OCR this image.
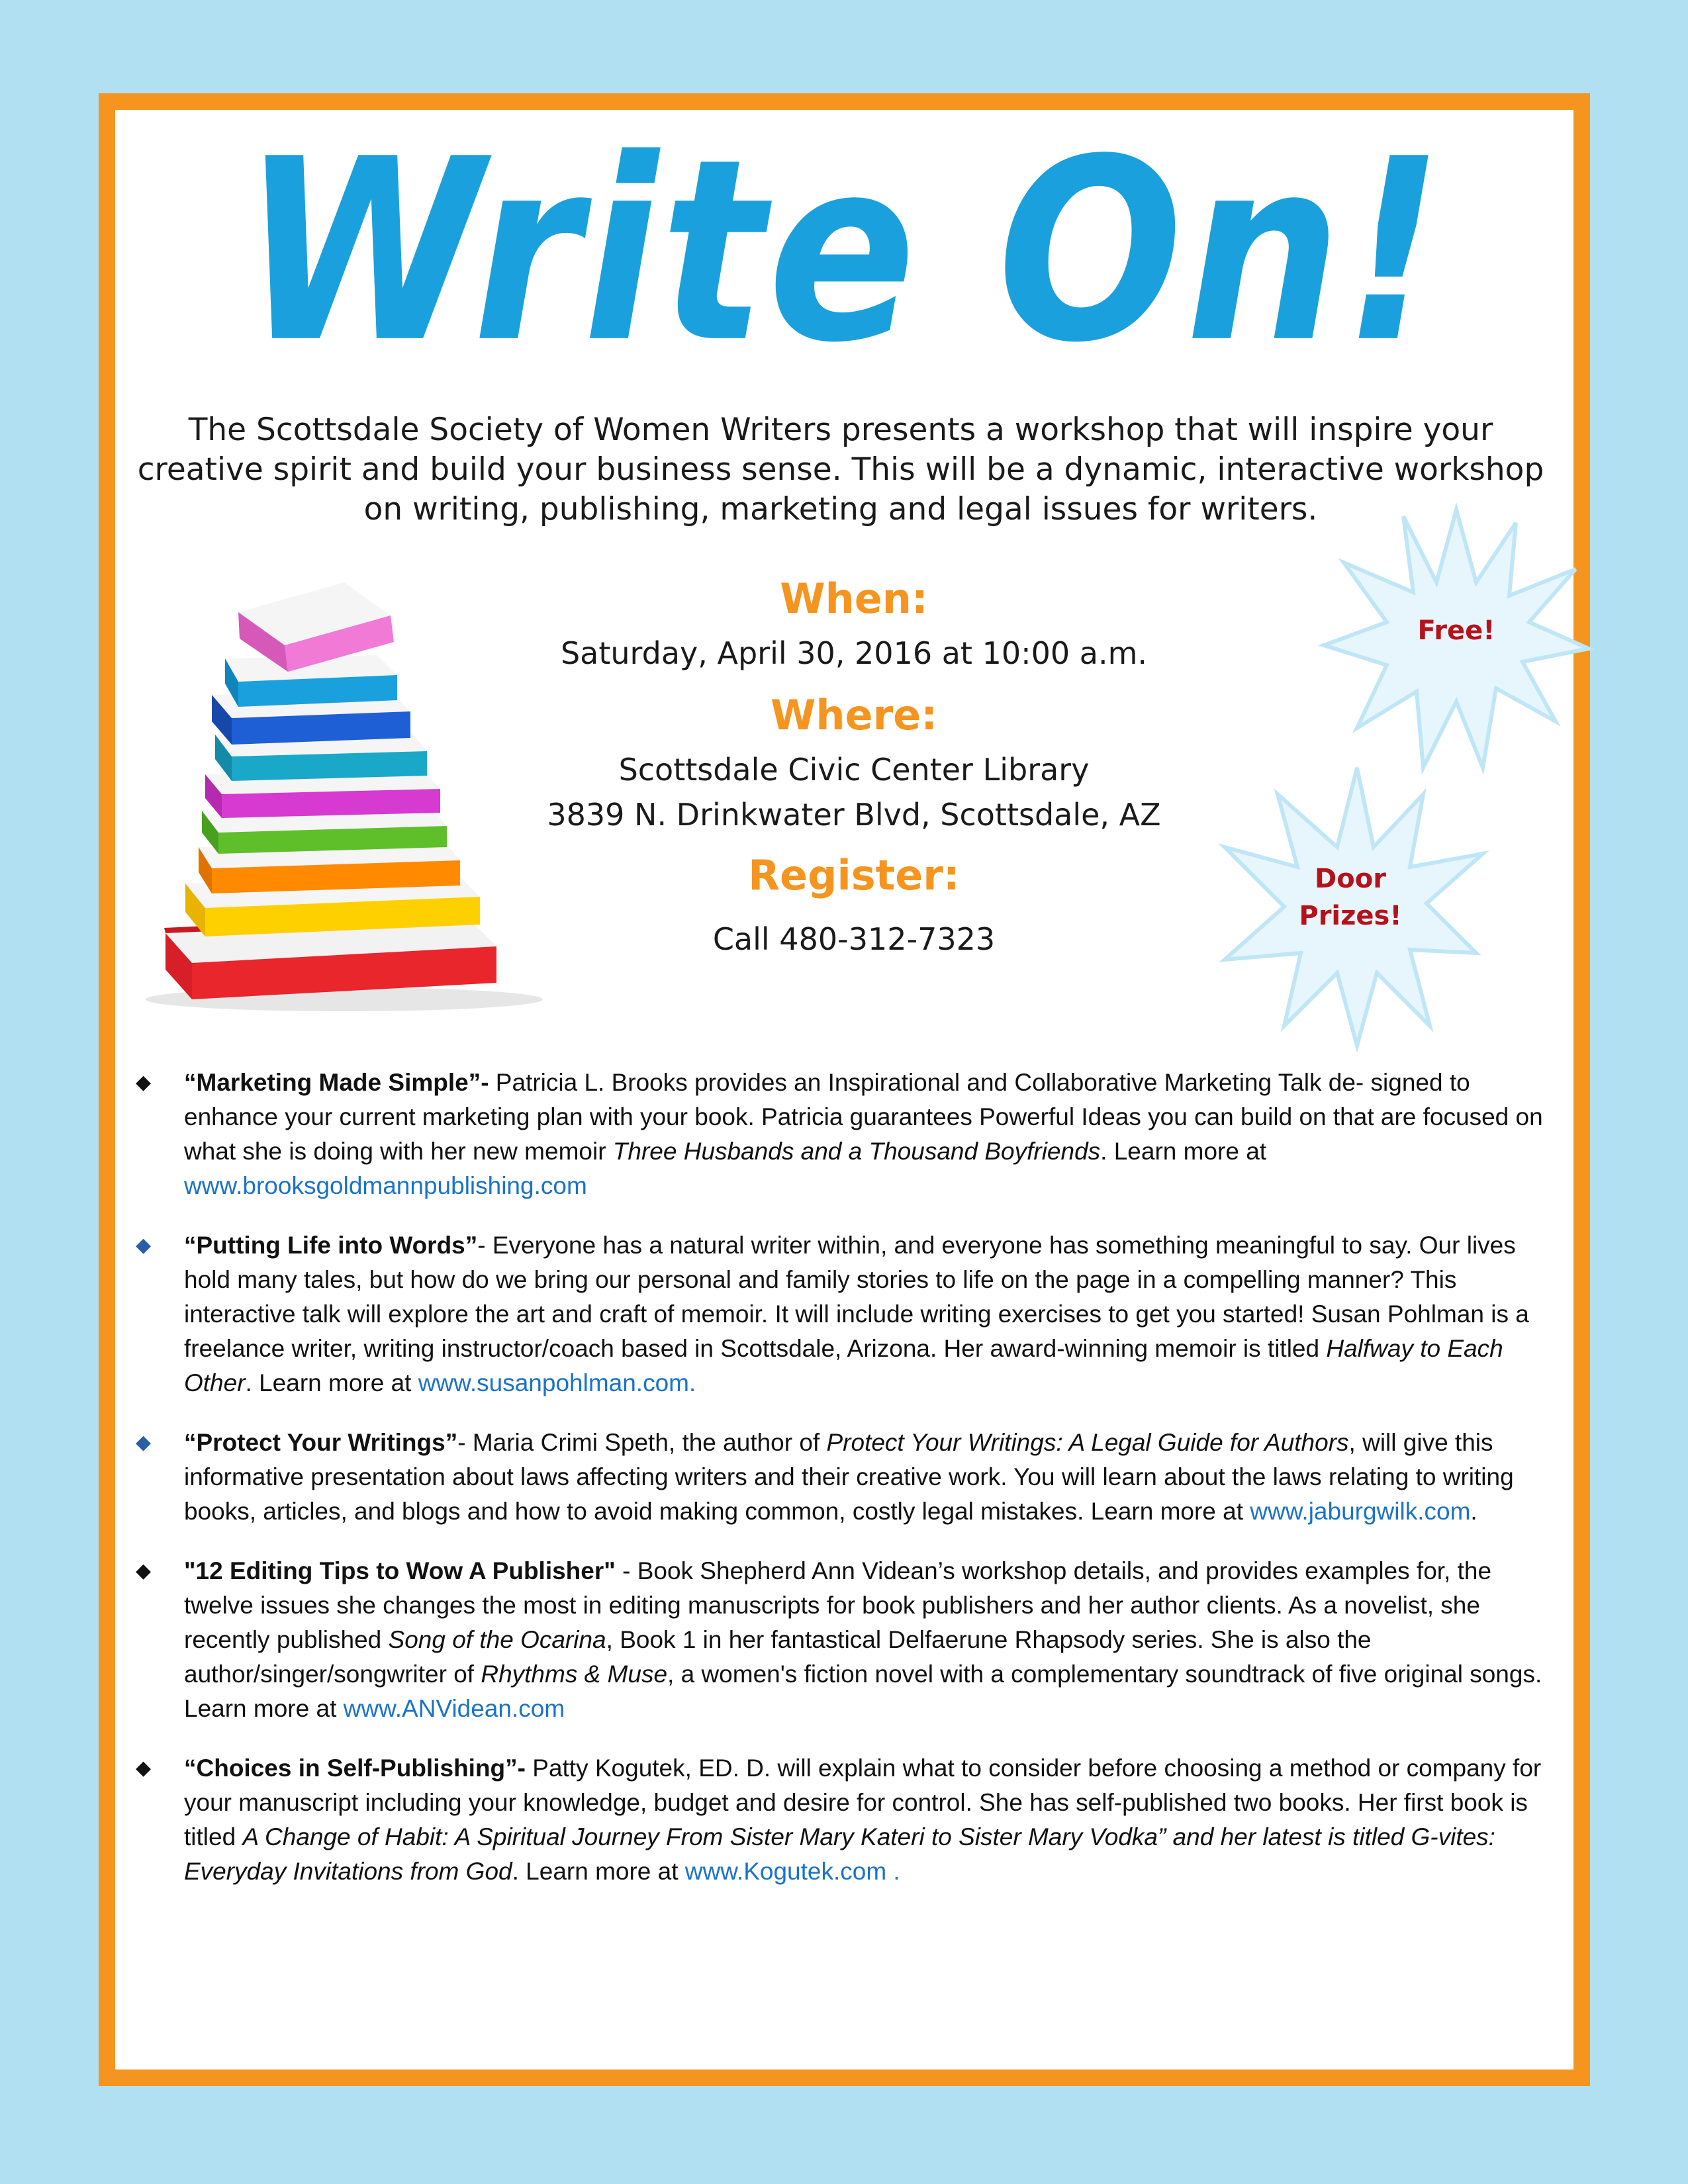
Write On!
The Scottsdale Society of Women Writers presents a workshop that will inspire your
creative spirit and build your business sense. This will be a dynamic, interactive workshop
on writing, publishing, marketing and legal issues for writers.
When:
Saturday, April 30, 2016 at 10:00 a.m.
Where:
Scottsdale Civic Center Library
3839 N. Drinkwater Blvd, Scottsdale, AZ
Register:
Call 480-312-7323
Free!
Door
Prizes!
◆ “Marketing Made Simple”- Patricia L. Brooks provides an Inspirational and Collaborative Marketing Talk de- signed to enhance your current marketing plan with your book. Patricia guarantees Powerful Ideas you can build on that are focused on what she is doing with her new memoir Three Husbands and a Thousand Boyfriends. Learn more at www.brooksgoldmannpublishing.com
◆ “Putting Life into Words”- Everyone has a natural writer within, and everyone has something meaningful to say. Our lives hold many tales, but how do we bring our personal and family stories to life on the page in a compelling manner? This interactive talk will explore the art and craft of memoir. It will include writing exercises to get you started! Susan Pohlman is a freelance writer, writing instructor/coach based in Scottsdale, Arizona. Her award-winning memoir is titled Halfway to Each Other. Learn more at www.susanpohlman.com.
◆ “Protect Your Writings”- Maria Crimi Speth, the author of Protect Your Writings: A Legal Guide for Authors, will give this informative presentation about laws affecting writers and their creative work. You will learn about the laws relating to writing books, articles, and blogs and how to avoid making common, costly legal mistakes. Learn more at www.jaburgwilk.com.
◆ "12 Editing Tips to Wow A Publisher" - Book Shepherd Ann Videan’s workshop details, and provides examples for, the twelve issues she changes the most in editing manuscripts for book publishers and her author clients. As a novelist, she recently published Song of the Ocarina, Book 1 in her fantastical Delfaerune Rhapsody series. She is also the author/singer/songwriter of Rhythms & Muse, a women's fiction novel with a complementary soundtrack of five original songs. Learn more at www.ANVidean.com
◆ “Choices in Self-Publishing”- Patty Kogutek, ED. D. will explain what to consider before choosing a method or company for your manuscript including your knowledge, budget and desire for control. She has self-published two books. Her first book is titled A Change of Habit: A Spiritual Journey From Sister Mary Kateri to Sister Mary Vodka” and her latest is titled G-vites: Everyday Invitations from God. Learn more at www.Kogutek.com .
